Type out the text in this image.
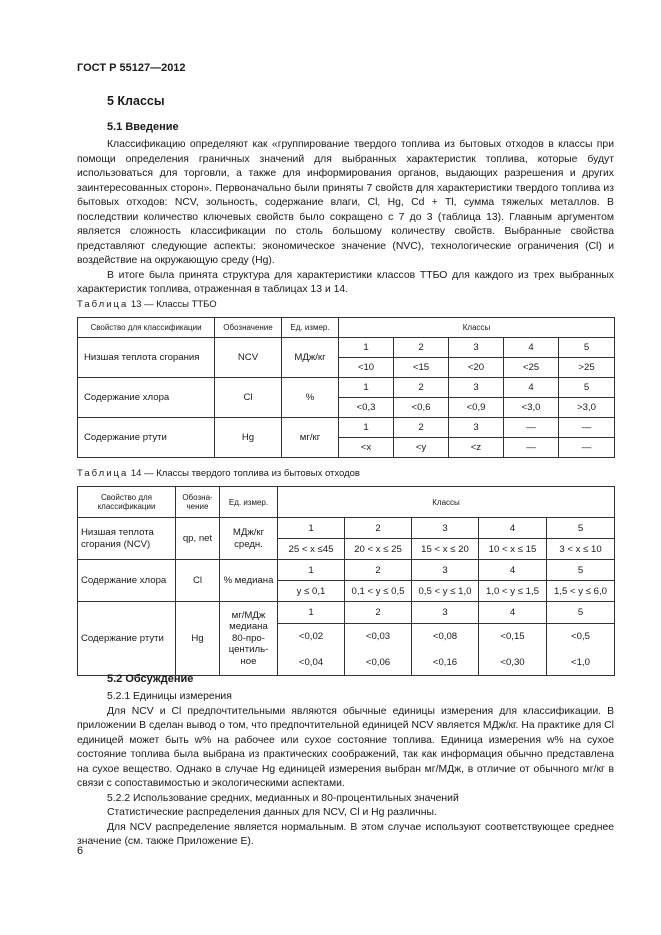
ГОСТ Р 55127—2012
5 Классы
5.1 Введение

Классификацию определяют как «группирование твердого топлива из бытовых отходов в классы при помощи определения граничных значений для выбранных характеристик топлива, которые будут использоваться для торговли, а также для информирования органов, выдающих разрешения и других заинтересованных сторон». Первоначально были приняты 7 свойств для характеристики твердого топлива из бытовых отходов: NCV, зольность, содержание влаги, Cl, Hg, Cd + Tl, сумма тяжелых металлов. В последствии количество ключевых свойств было сокращено с 7 до 3 (таблица 13). Главным аргументом является сложность классификации по столь большому количеству свойств. Выбранные свойства представляют следующие аспекты: экономическое значение (NVC), технологические ограничения (Cl) и воздействие на окружающую среду (Hg).

В итоге была принята структура для характеристики классов ТТБО для каждого из трех выбранных характеристик топлива, отраженная в таблицах 13 и 14.

Таблица 13 — Классы ТТБО
Свойство для классификации	Обозначение	Ед. измер.	Классы				
Низшая теплота сгорания	NCV	МДж/кг	1	2	3	4	5
			<10	<15	<20	<25	>25
Содержание хлора	Cl	%	1	2	3	4	5
			<0,3	<0,6	<0,9	<3,0	>3,0
Содержание ртути	Hg	мг/кг	1	2	3	—	—
			<x	<y	<z	—	—
Таблица 14 — Классы твердого топлива из бытовых отходов
Свойство для классификации	Обозна- чение	Ед. измер.	Классы				
Низшая теплота сгорания (NCV)	qp, net	МДж/кг средн.	1	2	3	4	5
			25 < x ≤45	20 < x ≤ 25	15 < x ≤ 20	10 < x ≤ 15	3 < x ≤ 10
Содержание хлора	Cl	% медиана	1	2	3	4	5
			y ≤ 0,1	0,1 < y ≤ 0,5	0,5 < y ≤ 1,0	1,0 < y ≤ 1,5	1,5 < y ≤ 6,0
Содержание ртути	Hg	мг/МДж медиана 80-про- центиль- ное	1	2	3	4	5
			<0,02	<0,03	<0,08	<0,15	<0,5
			<0,04	<0,06	<0,16	<0,30	<1,0
5.2 Обсуждение

5.2.1 Единицы измерения

Для NCV и Cl предпочтительными являются обычные единицы измерения для классификации. В приложении B сделан вывод о том, что предпочтительной единицей NCV является МДж/кг. На практике для Cl единицей может быть w% на рабочее или сухое состояние топлива. Единица измерения w% на сухое состояние топлива была выбрана из практических соображений, так как информация обычно представлена на сухое вещество. Однако в случае Hg единицей измерения выбран мг/МДж, в отличие от обычного мг/кг в связи с сопоставимостью и экологическими аспектами.

5.2.2 Использование средних, медианных и 80-процентильных значений

Статистические распределения данных для NCV, Cl и Hg различны.

Для NCV распределение является нормальным. В этом случае используют соответствующее среднее значение (см. также Приложение Е).

6
